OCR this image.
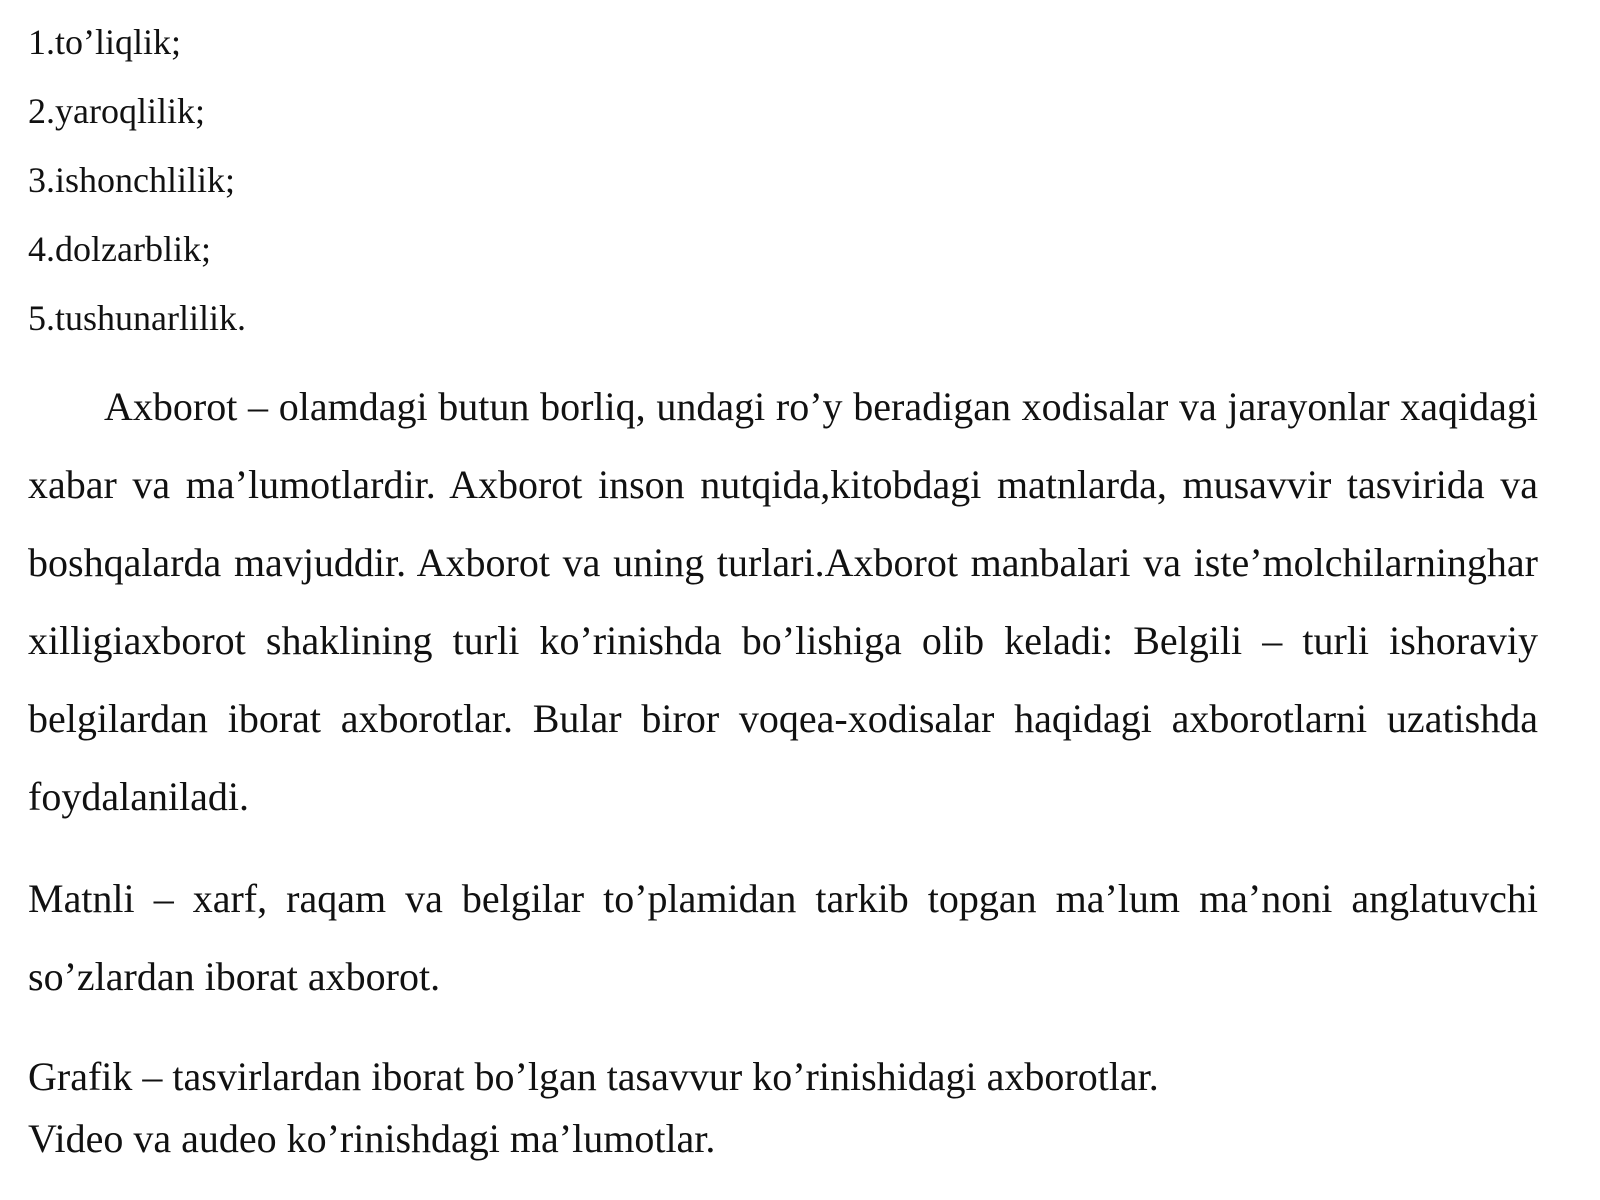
1.to’liqlik;
2.yaroqlilik;
3.ishonchlilik;
4.dolzarblik;
5.tushunarlilik.

Axborot – olamdagi butun borliq, undagi ro’y beradigan xodisalar va jarayonlar xaqidagi xabar va ma’lumotlardir. Axborot inson nutqida,kitobdagi matnlarda, musavvir tasvirida va boshqalarda mavjuddir. Axborot va uning turlari.Axborot manbalari va iste’molchilarninghar xilligiaxborot shaklining turli ko’rinishda bo’lishiga olib keladi: Belgili – turli ishoraviy belgilardan iborat axborotlar. Bular biror voqea-xodisalar haqidagi axborotlarni uzatishda foydalaniladi.

Matnli – xarf, raqam va belgilar to’plamidan tarkib topgan ma’lum ma’noni anglatuvchi so’zlardan iborat axborot.

Grafik – tasvirlardan iborat bo’lgan tasavvur ko’rinishidagi axborotlar.
Video va audeo ko’rinishdagi ma’lumotlar.
